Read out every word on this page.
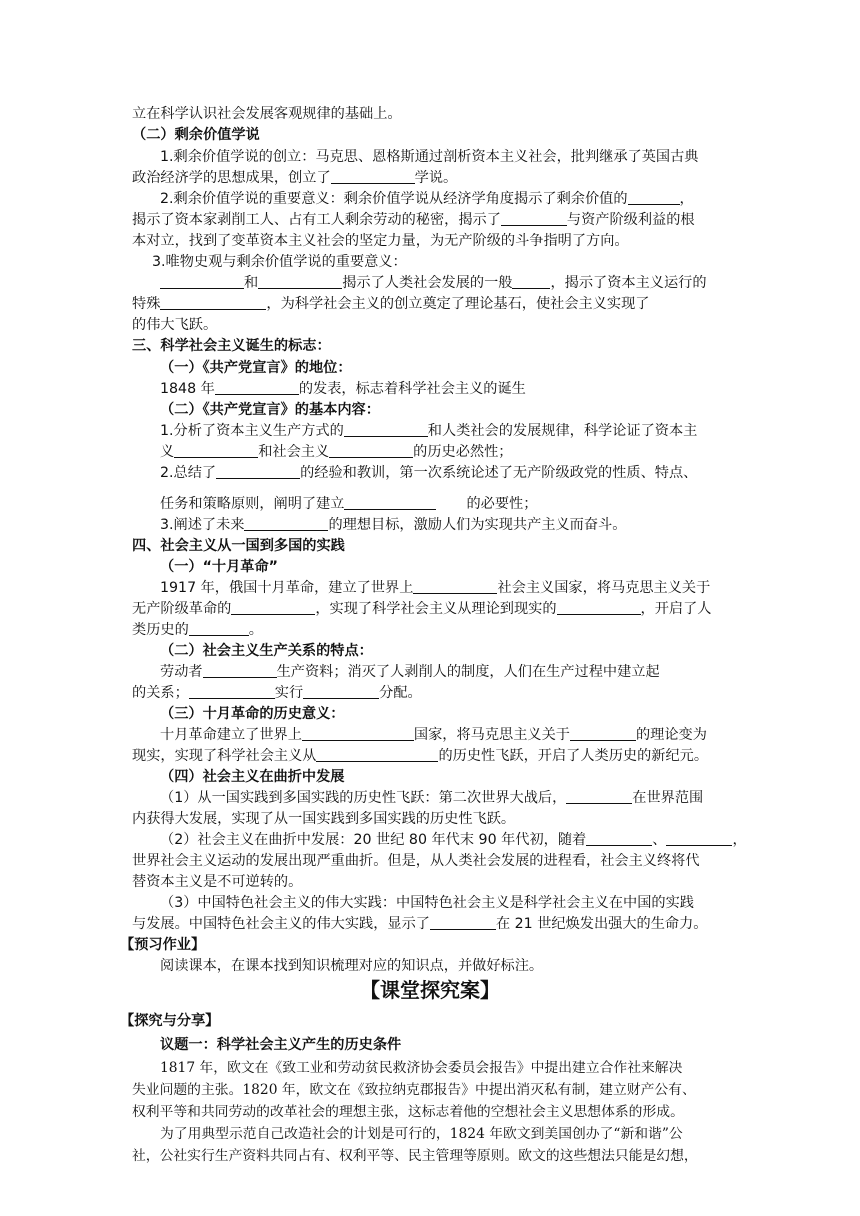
立在科学认识社会发展客观规律的基础上。
（二）剩余价值学说
1.剩余价值学说的创立：马克思、恩格斯通过剖析资本主义社会，批判继承了英国古典
政治经济学的思想成果，创立了	学说。
2.剩余价值学说的重要意义：剩余价值学说从经济学角度揭示了剩余价值的	，
揭示了资本家剥削工人、占有工人剩余劳动的秘密，揭示了	与资产阶级利益的根
本对立，找到了变革资本主义社会的坚定力量，为无产阶级的斗争指明了方向。
3.唯物史观与剩余价值学说的重要意义：
和	揭示了人类社会发展的一般	，揭示了资本主义运行的
特殊	，为科学社会主义的创立奠定了理论基石，使社会主义实现了
的伟大飞跃。
三、科学社会主义诞生的标志：
（一）《共产党宣言》的地位：
1848 年	的发表，标志着科学社会主义的诞生
（二）《共产党宣言》的基本内容：
1.分析了资本主义生产方式的	和人类社会的发展规律，科学论证了资本主
义	和社会主义	的历史必然性；
2.总结了	的经验和教训，第一次系统论述了无产阶级政党的性质、特点、
任务和策略原则，阐明了建立	的必要性；
3.阐述了未来	的理想目标，激励人们为实现共产主义而奋斗。
四、社会主义从一国到多国的实践
（一）“十月革命”
1917 年，俄国十月革命，建立了世界上	社会主义国家，将马克思主义关于
无产阶级革命的	，实现了科学社会主义从理论到现实的	，开启了人
类历史的	。
（二）社会主义生产关系的特点：
劳动者	生产资料；消灭了人剥削人的制度，人们在生产过程中建立起
的关系；	实行	分配。
（三）十月革命的历史意义：
十月革命建立了世界上	国家，将马克思主义关于	的理论变为
现实，实现了科学社会主义从	的历史性飞跃，开启了人类历史的新纪元。
（四）社会主义在曲折中发展
（1）从一国实践到多国实践的历史性飞跃：第二次世界大战后，	在世界范围
内获得大发展，实现了从一国实践到多国实践的历史性飞跃。
（2）社会主义在曲折中发展：20 世纪 80 年代末 90 年代初，随着	、	，
世界社会主义运动的发展出现严重曲折。但是，从人类社会发展的进程看，社会主义终将代
替资本主义是不可逆转的。
（3）中国特色社会主义的伟大实践：中国特色社会主义是科学社会主义在中国的实践
与发展。中国特色社会主义的伟大实践，显示了	在 21 世纪焕发出强大的生命力。
【预习作业】
阅读课本，在课本找到知识梳理对应的知识点，并做好标注。
【课堂探究案】
【探究与分享】
议题一：科学社会主义产生的历史条件
1817 年，欧文在《致工业和劳动贫民救济协会委员会报告》中提出建立合作社来解决
失业问题的主张。1820 年，欧文在《致拉纳克郡报告》中提出消灭私有制，建立财产公有、
权利平等和共同劳动的改革社会的理想主张，这标志着他的空想社会主义思想体系的形成。
为了用典型示范自己改造社会的计划是可行的，1824 年欧文到美国创办了“新和谐”公
社，公社实行生产资料共同占有、权利平等、民主管理等原则。欧文的这些想法只能是幻想，
